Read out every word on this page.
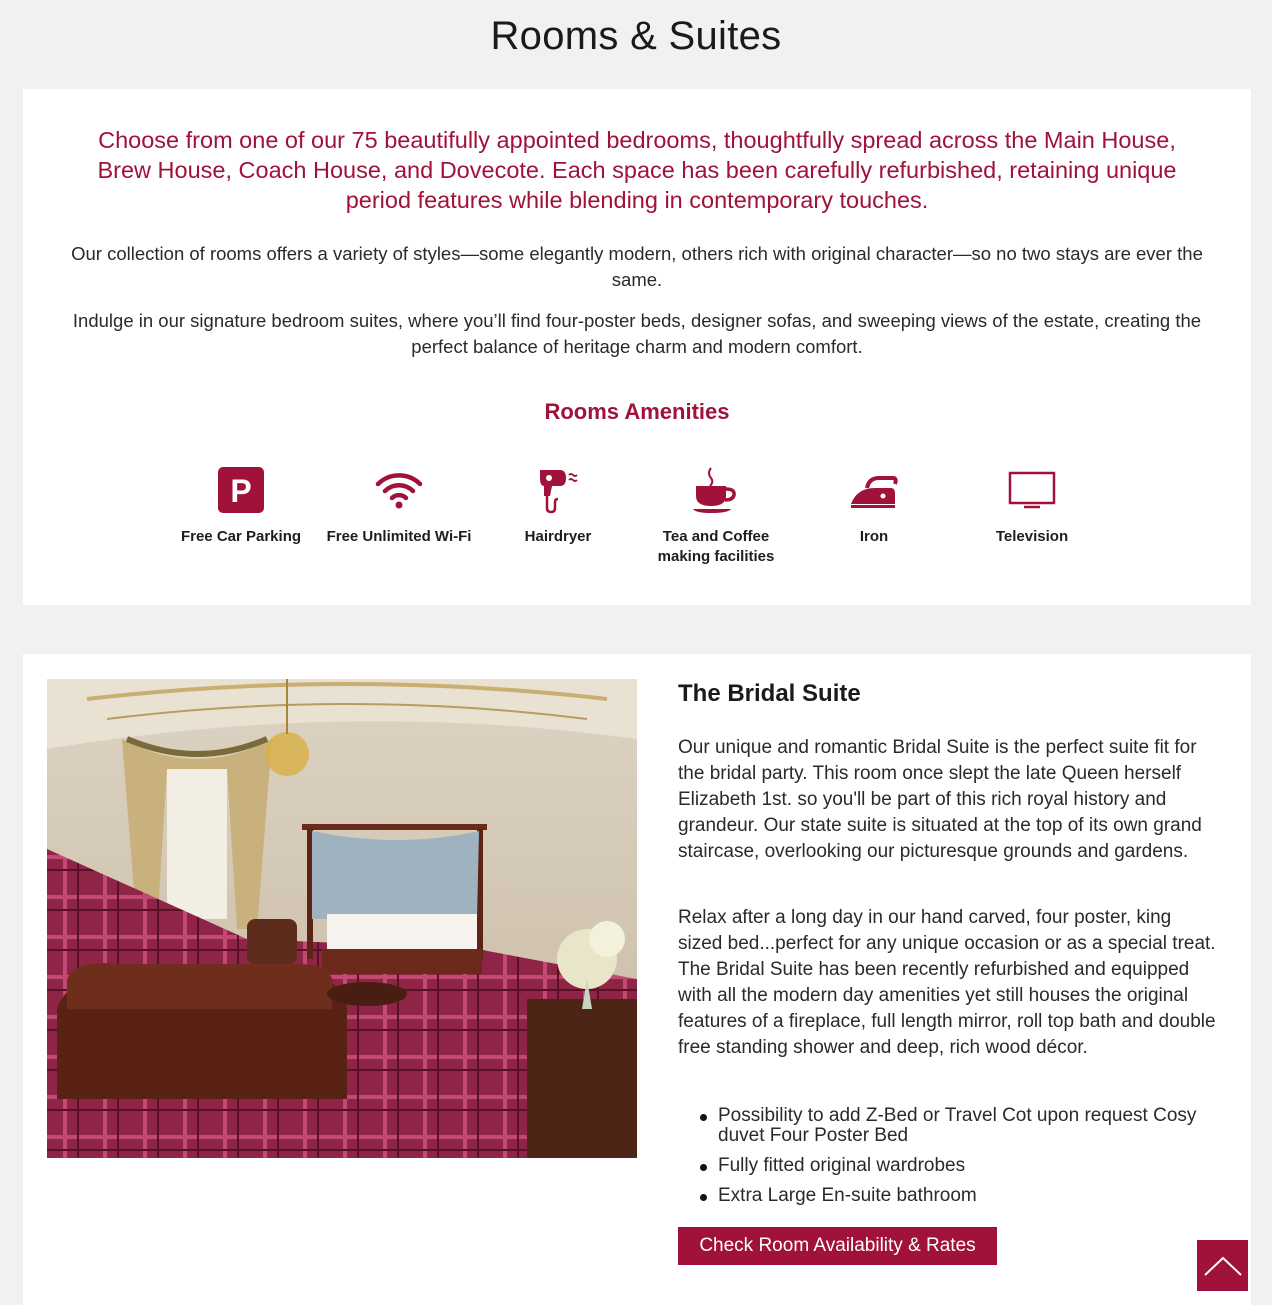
Rooms & Suites

Choose from one of our 75 beautifully appointed bedrooms, thoughtfully spread across the Main House, Brew House, Coach House, and Dovecote. Each space has been carefully refurbished, retaining unique period features while blending in contemporary touches.

Our collection of rooms offers a variety of styles—some elegantly modern, others rich with original character—so no two stays are ever the same.

Indulge in our signature bedroom suites, where you’ll find four-poster beds, designer sofas, and sweeping views of the estate, creating the perfect balance of heritage charm and modern comfort.

Rooms Amenities
P
Free Car Parking	Free Unlimited Wi-Fi	Hairdryer	Tea and Coffee making facilities
Iron	Television
The Bridal Suite

Our unique and romantic Bridal Suite is the perfect suite fit for the bridal party. This room once slept the late Queen herself Elizabeth 1st. so you'll be part of this rich royal history and grandeur. Our state suite is situated at the top of its own grand staircase, overlooking our picturesque grounds and gardens.

Relax after a long day in our hand carved, four poster, king sized bed...perfect for any unique occasion or as a special treat. The Bridal Suite has been recently refurbished and equipped with all the modern day amenities yet still houses the original features of a fireplace, full length mirror, roll top bath and double free standing shower and deep, rich wood décor.

Possibility to add Z-Bed or Travel Cot upon request Cosy duvet Four Poster Bed
Fully fitted original wardrobes
Extra Large En-suite bathroom
Check Room Availability & Rates
